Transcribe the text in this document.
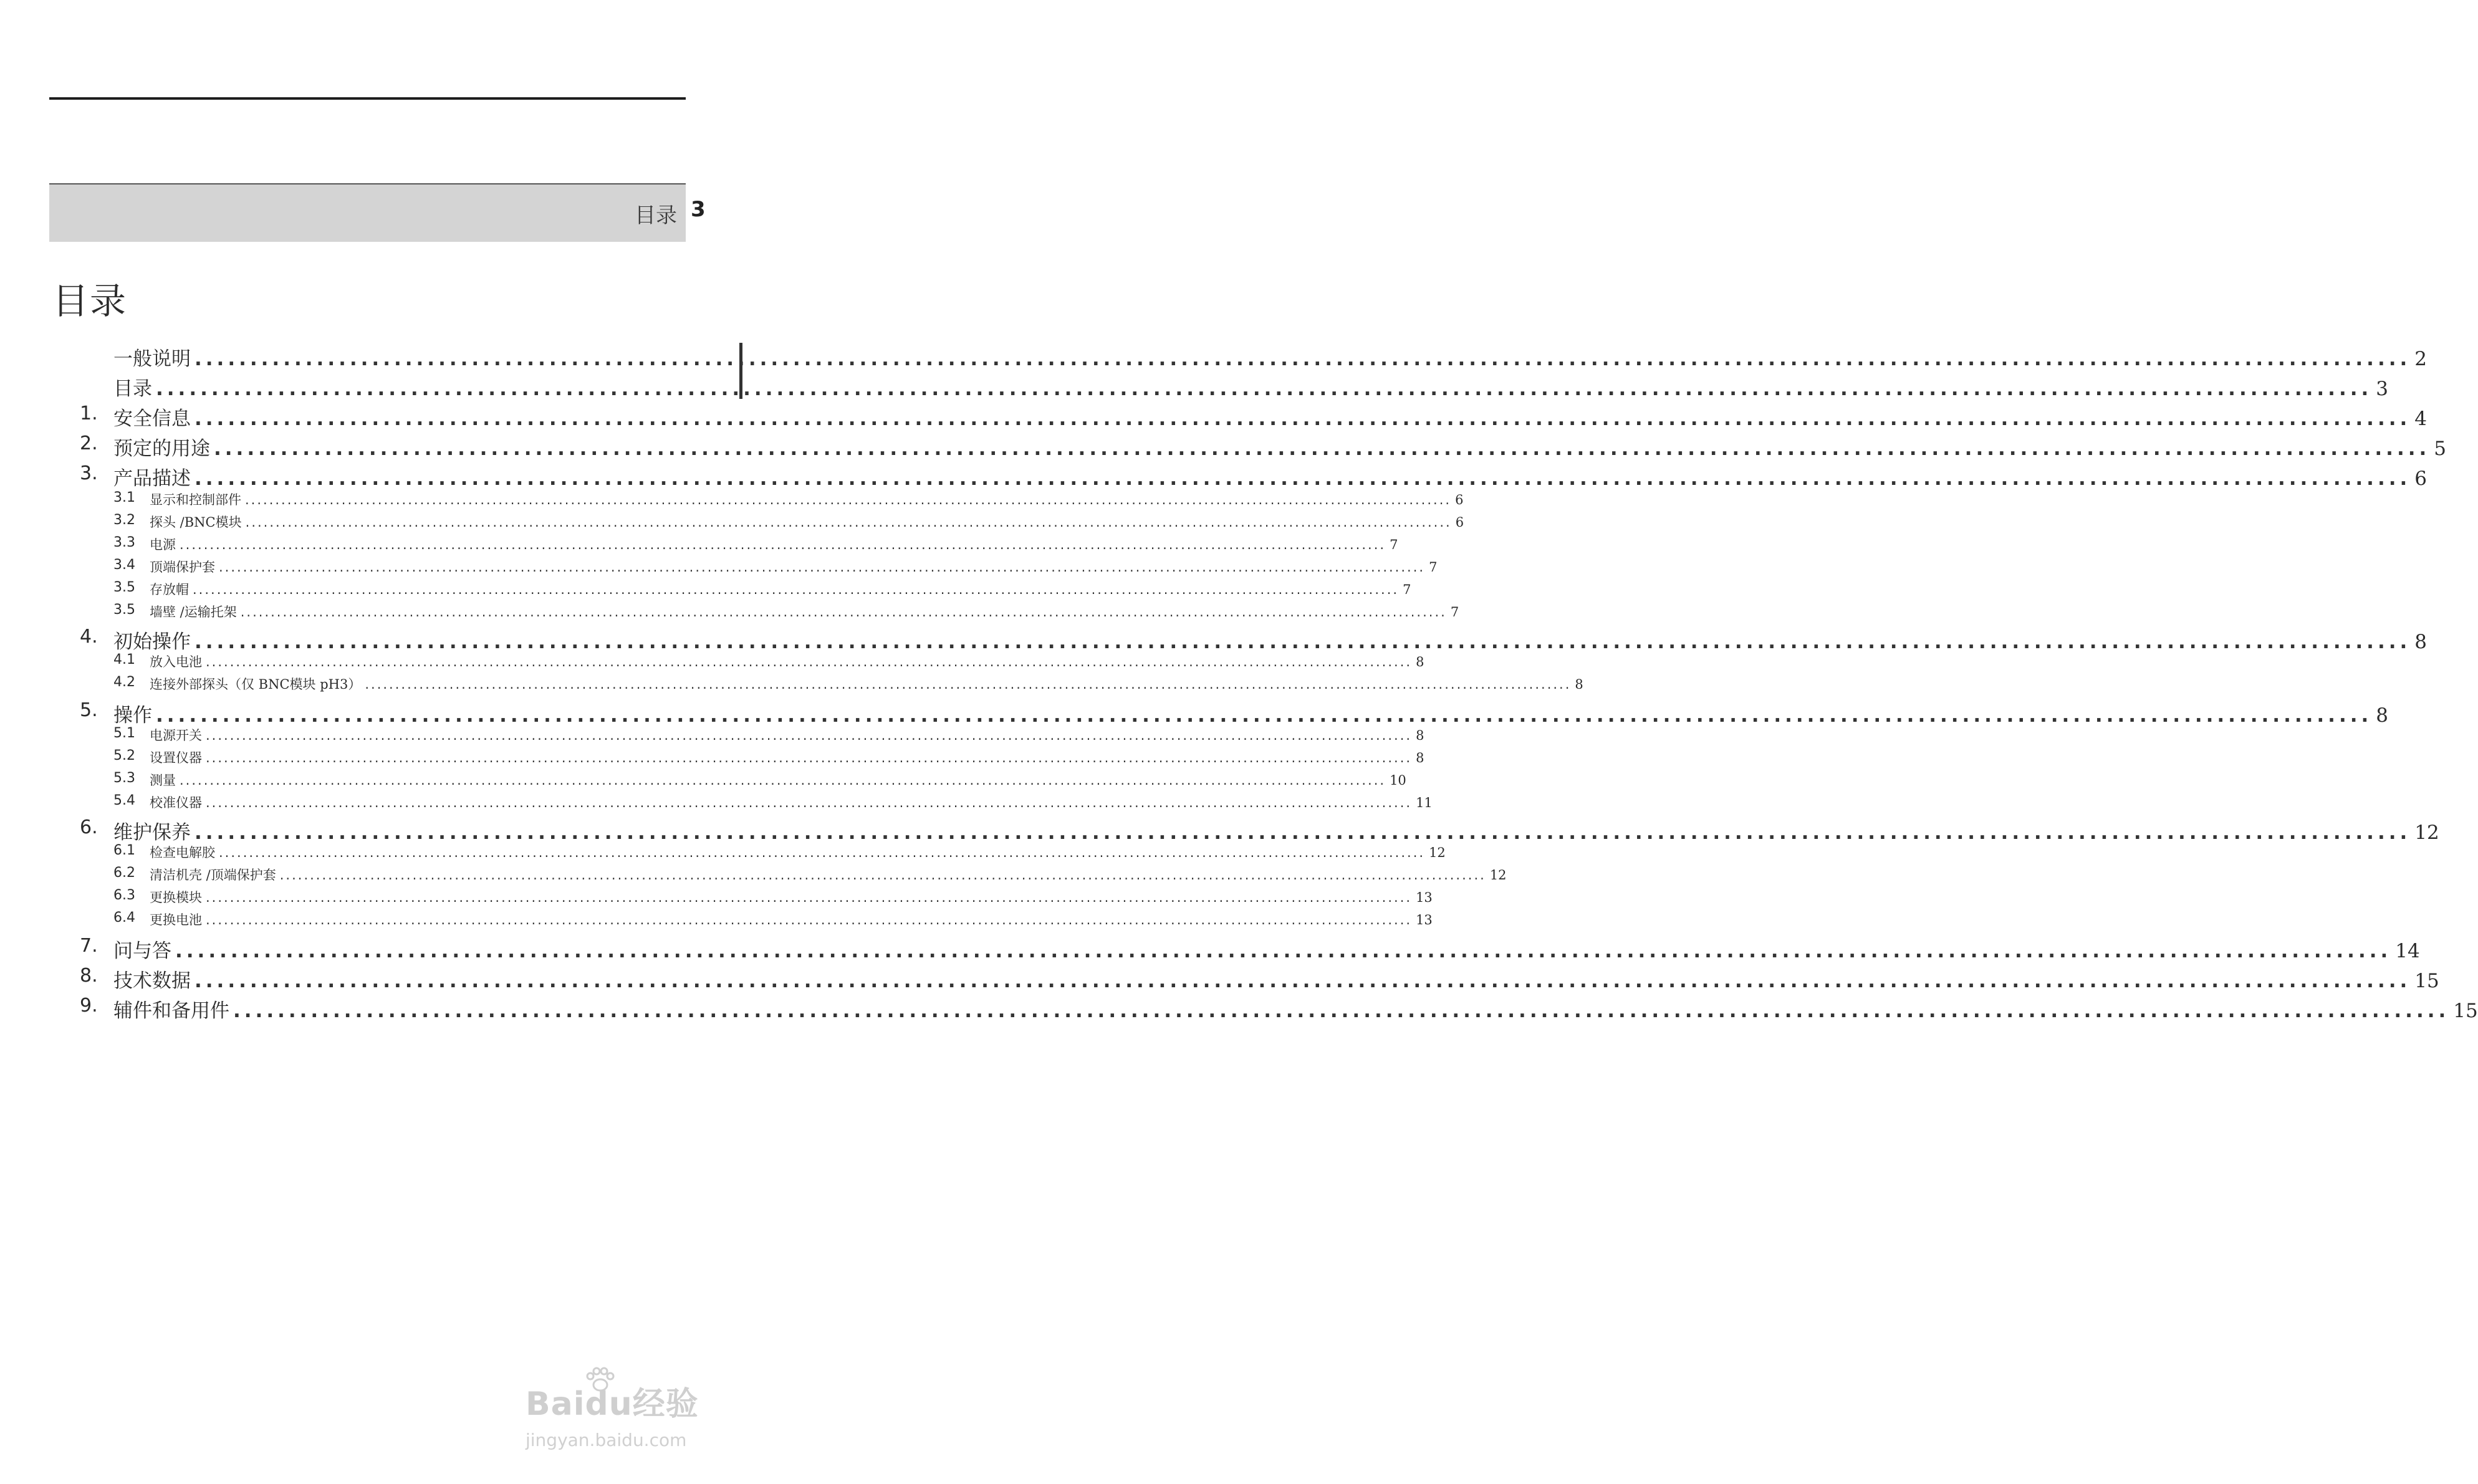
目录 3
目录
一般说明 ........................................................................................................................................................................................................ 2
目录 ........................................................................................................................................................................................................ 3
1. 安全信息 ........................................................................................................................................................................................................ 4
2. 预定的用途 ........................................................................................................................................................................................................ 5
3. 产品描述 ........................................................................................................................................................................................................ 6
3.1 显示和控制部件 ........................................................................................................................................................................................................ 6
3.2 探头 /BNC模块 ........................................................................................................................................................................................................ 6
3.3 电源 ........................................................................................................................................................................................................ 7
3.4 顶端保护套 ........................................................................................................................................................................................................ 7
3.5 存放帽 ........................................................................................................................................................................................................ 7
3.5 墙壁 /运输托架 ........................................................................................................................................................................................................ 7
4. 初始操作 ........................................................................................................................................................................................................ 8
4.1 放入电池 ........................................................................................................................................................................................................ 8
4.2 连接外部探头（仅 BNC模块 pH3） ........................................................................................................................................................................................................ 8
5. 操作 ........................................................................................................................................................................................................ 8
5.1 电源开关 ........................................................................................................................................................................................................ 8
5.2 设置仪器 ........................................................................................................................................................................................................ 8
5.3 测量 ........................................................................................................................................................................................................ 10
5.4 校准仪器 ........................................................................................................................................................................................................ 11
6. 维护保养 ........................................................................................................................................................................................................ 12
6.1 检查电解胶 ........................................................................................................................................................................................................ 12
6.2 清洁机壳 /顶端保护套 ........................................................................................................................................................................................................ 12
6.3 更换模块 ........................................................................................................................................................................................................ 13
6.4 更换电池 ........................................................................................................................................................................................................ 13
7. 问与答 ........................................................................................................................................................................................................ 14
8. 技术数据 ........................................................................................................................................................................................................ 15
9. 辅件和备用件 ........................................................................................................................................................................................................ 15
Baidu经验
jingyan.baidu.com
